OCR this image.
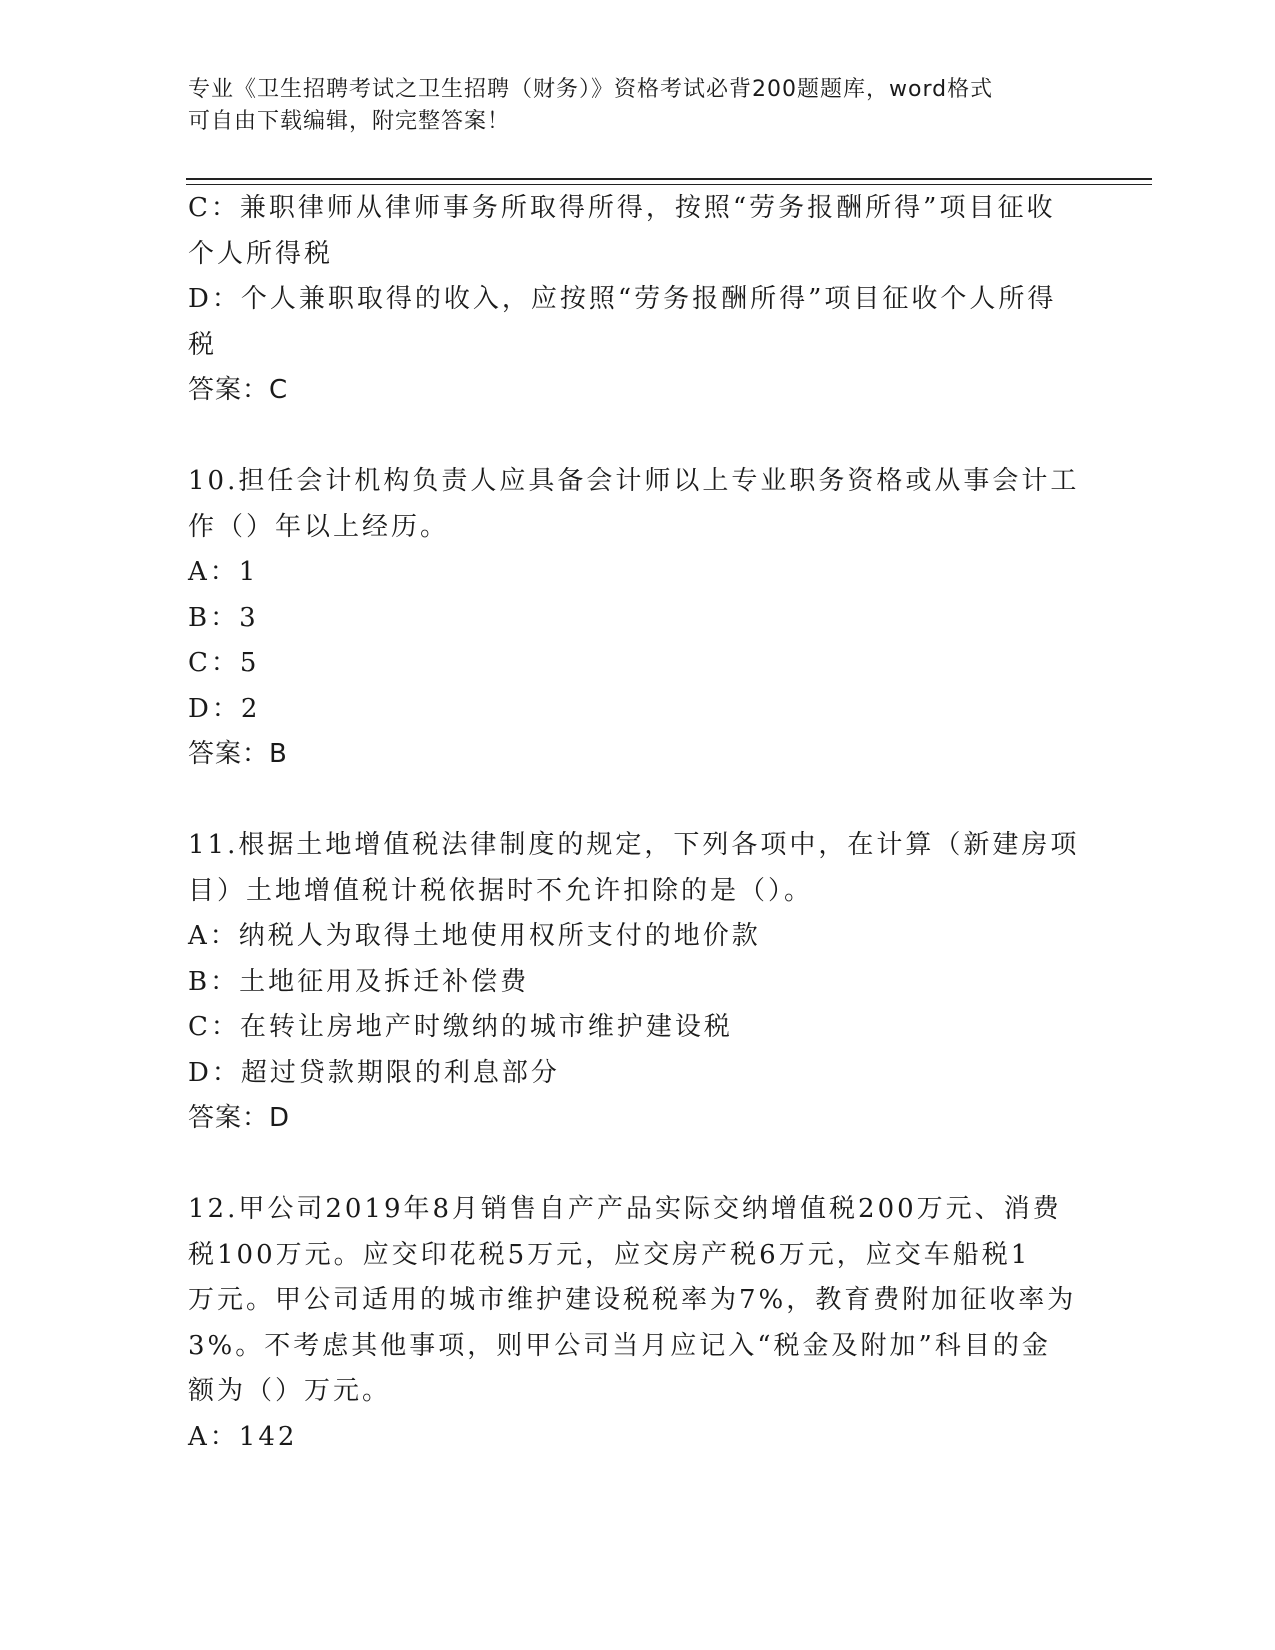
专业《卫生招聘考试之卫生招聘（财务）》资格考试必背200题题库，word格式
可自由下载编辑，附完整答案！
C：兼职律师从律师事务所取得所得，按照“劳务报酬所得”项目征收
个人所得税
D：个人兼职取得的收入，应按照“劳务报酬所得”项目征收个人所得
税
答案：C
10.担任会计机构负责人应具备会计师以上专业职务资格或从事会计工
作（）年以上经历。
A：1
B：3
C：5
D：2
答案：B
11.根据土地增值税法律制度的规定，下列各项中，在计算（新建房项
目）土地增值税计税依据时不允许扣除的是（）。
A：纳税人为取得土地使用权所支付的地价款
B：土地征用及拆迁补偿费
C：在转让房地产时缴纳的城市维护建设税
D：超过贷款期限的利息部分
答案：D
12.甲公司2019年8月销售自产产品实际交纳增值税200万元、消费
税100万元。应交印花税5万元，应交房产税6万元，应交车船税1
万元。甲公司适用的城市维护建设税税率为7%，教育费附加征收率为
3%。不考虑其他事项，则甲公司当月应记入“税金及附加”科目的金
额为（）万元。
A：142
